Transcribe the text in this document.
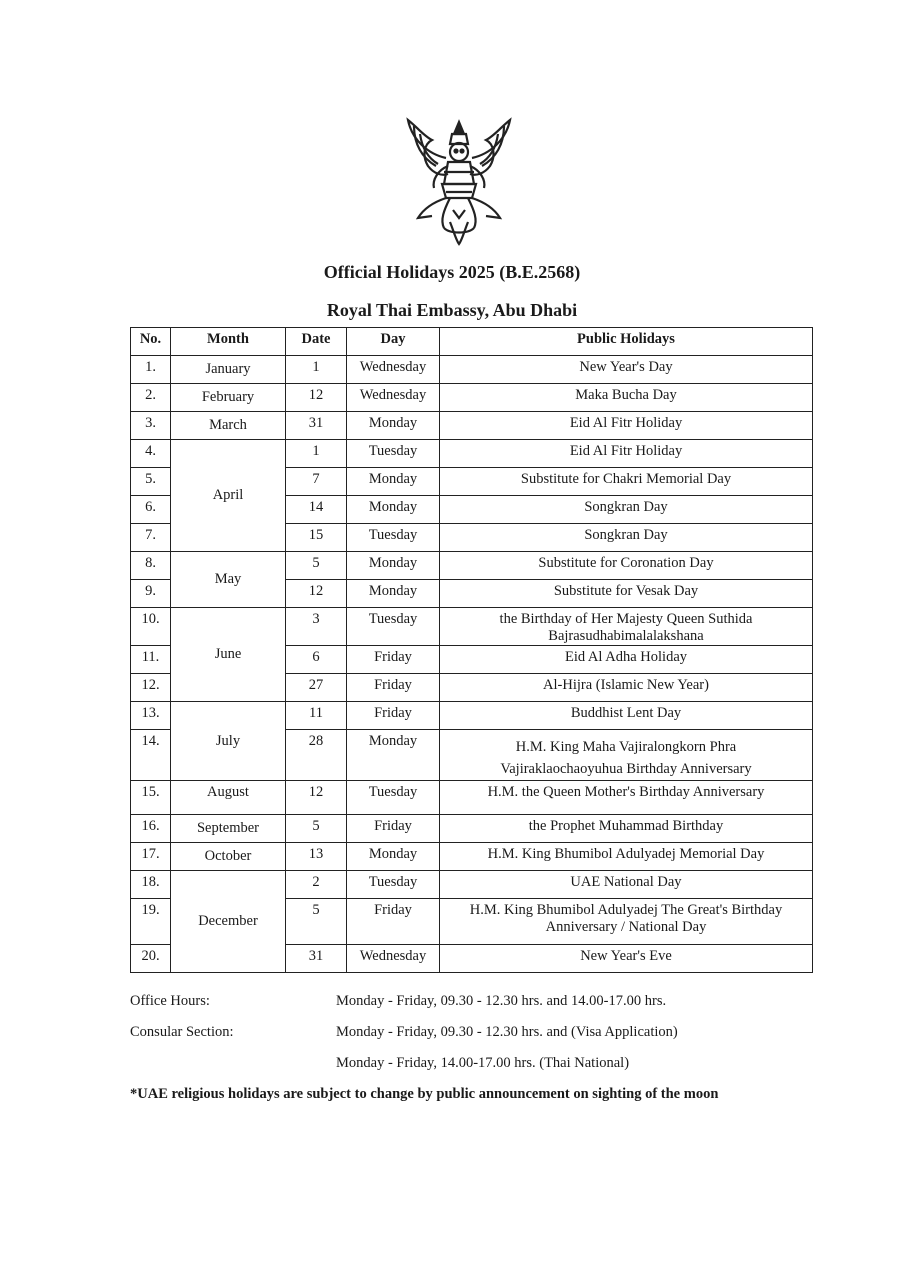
Official Holidays 2025 (B.E.2568)
Royal Thai Embassy, Abu Dhabi
No.	Month	Date	Day	Public Holidays
1.	January	1	Wednesday	New Year's Day
2.	February	12	Wednesday	Maka Bucha Day
3.	March	31	Monday	Eid Al Fitr Holiday
4.	April	1	Tuesday	Eid Al Fitr Holiday
5.		7	Monday	Substitute for Chakri Memorial Day
6.		14	Monday	Songkran Day
7.		15	Tuesday	Songkran Day
8.	May	5	Monday	Substitute for Coronation Day
9.		12	Monday	Substitute for Vesak Day
10.	June	3	Tuesday	the Birthday of Her Majesty Queen Suthida
Bajrasudhabimalalakshana

11.		6	Friday	Eid Al Adha Holiday
12.		27	Friday	Al-Hijra (Islamic New Year)
13.	July	11	Friday	Buddhist Lent Day
14.		28	Monday	H.M. King Maha Vajiralongkorn Phra
Vajiraklaochaoyuhua Birthday Anniversary

15.	August	12	Tuesday	H.M. the Queen Mother's Birthday Anniversary
16.	September	5	Friday	the Prophet Muhammad Birthday
17.	October	13	Monday	H.M. King Bhumibol Adulyadej Memorial Day
18.	December	2	Tuesday	UAE National Day
19.		5	Friday	H.M. King Bhumibol Adulyadej The Great's Birthday
Anniversary / National Day

20.		31	Wednesday	New Year's Eve
Office Hours:	Monday - Friday, 09.30 - 12.30 hrs. and 14.00-17.00 hrs.
Consular Section:	Monday - Friday, 09.30 - 12.30 hrs. and (Visa Application)
Monday - Friday, 14.00-17.00 hrs. (Thai National)
*UAE religious holidays are subject to change by public announcement on sighting of the moon
